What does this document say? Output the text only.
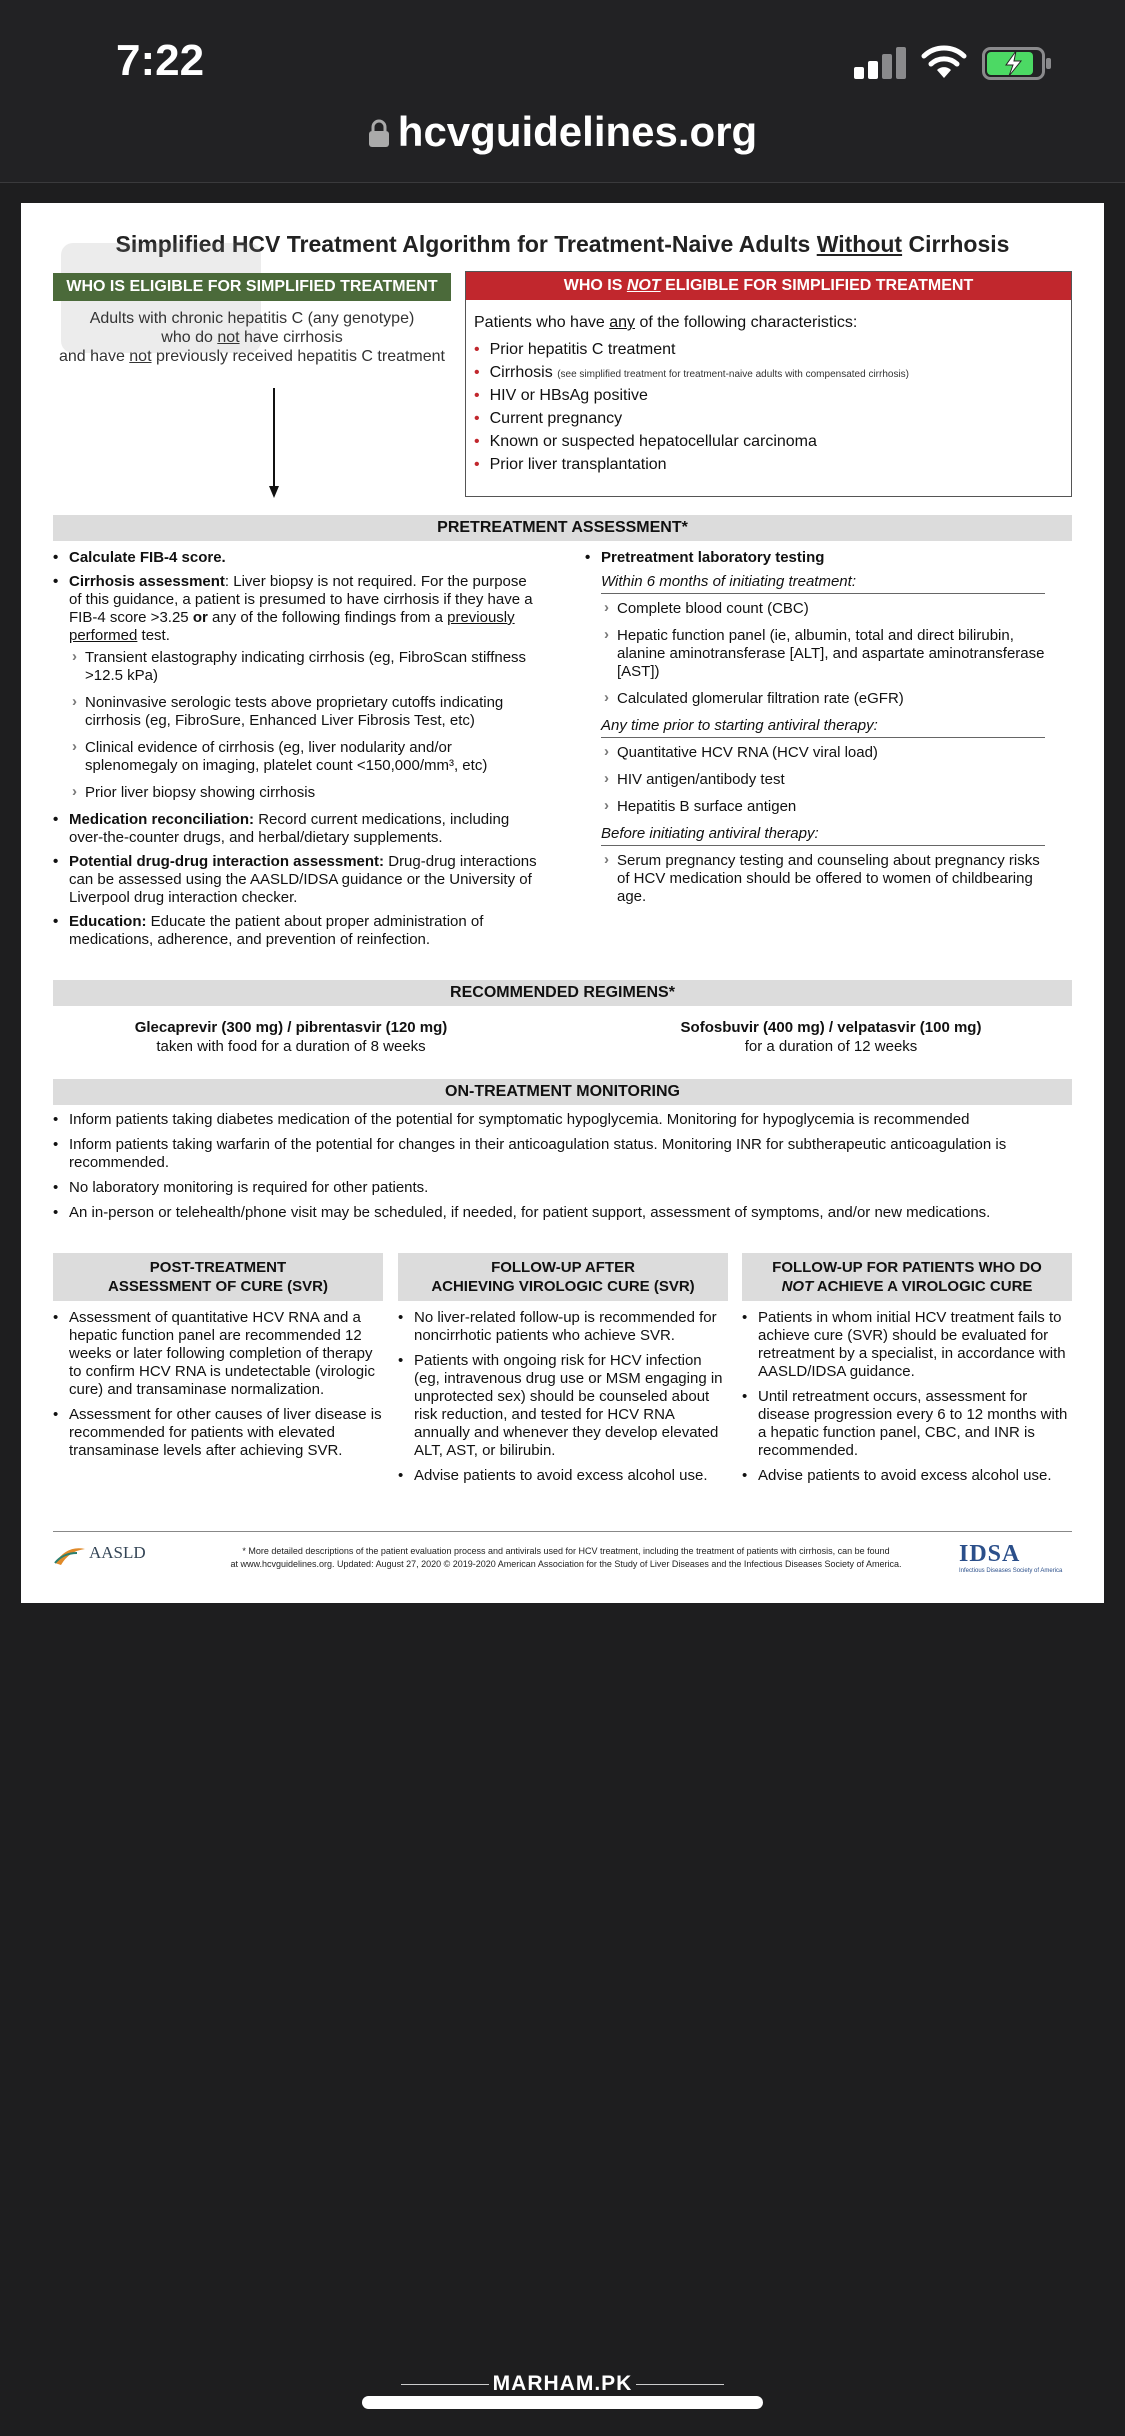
7:22
hcvguidelines.org
Simplified HCV Treatment Algorithm for Treatment-Naive Adults Without Cirrhosis
WHO IS ELIGIBLE FOR SIMPLIFIED TREATMENT
Adults with chronic hepatitis C (any genotype)
who do not have cirrhosis
and have not previously received hepatitis C treatment
WHO IS NOT ELIGIBLE FOR SIMPLIFIED TREATMENT
Patients who have any of the following characteristics:
• Prior hepatitis C treatment
• Cirrhosis (see simplified treatment for treatment-naive adults with compensated cirrhosis)
• HIV or HBsAg positive
• Current pregnancy
• Known or suspected hepatocellular carcinoma
• Prior liver transplantation
PRETREATMENT ASSESSMENT*
• Calculate FIB-4 score.
• Cirrhosis assessment: Liver biopsy is not required. For the purpose of this guidance, a patient is presumed to have cirrhosis if they have a FIB-4 score >3.25 or any of the following findings from a previously performed test.
› Transient elastography indicating cirrhosis (eg, FibroScan stiffness >12.5 kPa)
› Noninvasive serologic tests above proprietary cutoffs indicating cirrhosis (eg, FibroSure, Enhanced Liver Fibrosis Test, etc)
› Clinical evidence of cirrhosis (eg, liver nodularity and/or splenomegaly on imaging, platelet count <150,000/mm³, etc)
› Prior liver biopsy showing cirrhosis
• Medication reconciliation: Record current medications, including over-the-counter drugs, and herbal/dietary supplements.
• Potential drug-drug interaction assessment: Drug-drug interactions can be assessed using the AASLD/IDSA guidance or the University of Liverpool drug interaction checker.
• Education: Educate the patient about proper administration of medications, adherence, and prevention of reinfection.
• Pretreatment laboratory testing
Within 6 months of initiating treatment:
› Complete blood count (CBC)
› Hepatic function panel (ie, albumin, total and direct bilirubin, alanine aminotransferase [ALT], and aspartate aminotransferase [AST])
› Calculated glomerular filtration rate (eGFR)
Any time prior to starting antiviral therapy:
› Quantitative HCV RNA (HCV viral load)
› HIV antigen/antibody test
› Hepatitis B surface antigen
Before initiating antiviral therapy:
› Serum pregnancy testing and counseling about pregnancy risks of HCV medication should be offered to women of childbearing age.
RECOMMENDED REGIMENS*
Glecaprevir (300 mg) / pibrentasvir (120 mg)
taken with food for a duration of 8 weeks
Sofosbuvir (400 mg) / velpatasvir (100 mg)
for a duration of 12 weeks
ON-TREATMENT MONITORING
• Inform patients taking diabetes medication of the potential for symptomatic hypoglycemia. Monitoring for hypoglycemia is recommended
• Inform patients taking warfarin of the potential for changes in their anticoagulation status. Monitoring INR for subtherapeutic anticoagulation is recommended.
• No laboratory monitoring is required for other patients.
• An in-person or telehealth/phone visit may be scheduled, if needed, for patient support, assessment of symptoms, and/or new medications.
POST-TREATMENT
ASSESSMENT OF CURE (SVR)
• Assessment of quantitative HCV RNA and a hepatic function panel are recommended 12 weeks or later following completion of therapy to confirm HCV RNA is undetectable (virologic cure) and transaminase normalization.
• Assessment for other causes of liver disease is recommended for patients with elevated transaminase levels after achieving SVR.
FOLLOW-UP AFTER
ACHIEVING VIROLOGIC CURE (SVR)
• No liver-related follow-up is recommended for noncirrhotic patients who achieve SVR.
• Patients with ongoing risk for HCV infection (eg, intravenous drug use or MSM engaging in unprotected sex) should be counseled about risk reduction, and tested for HCV RNA annually and whenever they develop elevated ALT, AST, or bilirubin.
• Advise patients to avoid excess alcohol use.
FOLLOW-UP FOR PATIENTS WHO DO
NOT ACHIEVE A VIROLOGIC CURE
• Patients in whom initial HCV treatment fails to achieve cure (SVR) should be evaluated for retreatment by a specialist, in accordance with AASLD/IDSA guidance.
• Until retreatment occurs, assessment for disease progression every 6 to 12 months with a hepatic function panel, CBC, and INR is recommended.
• Advise patients to avoid excess alcohol use.
AASLD	* More detailed descriptions of the patient evaluation process and antivirals used for HCV treatment, including the treatment of patients with cirrhosis, can be found
at www.hcvguidelines.org. Updated: August 27, 2020 © 2019-2020 American Association for the Study of Liver Diseases and the Infectious Diseases Society of America.	IDSA
Infectious Diseases Society of America
MARHAM.PK
